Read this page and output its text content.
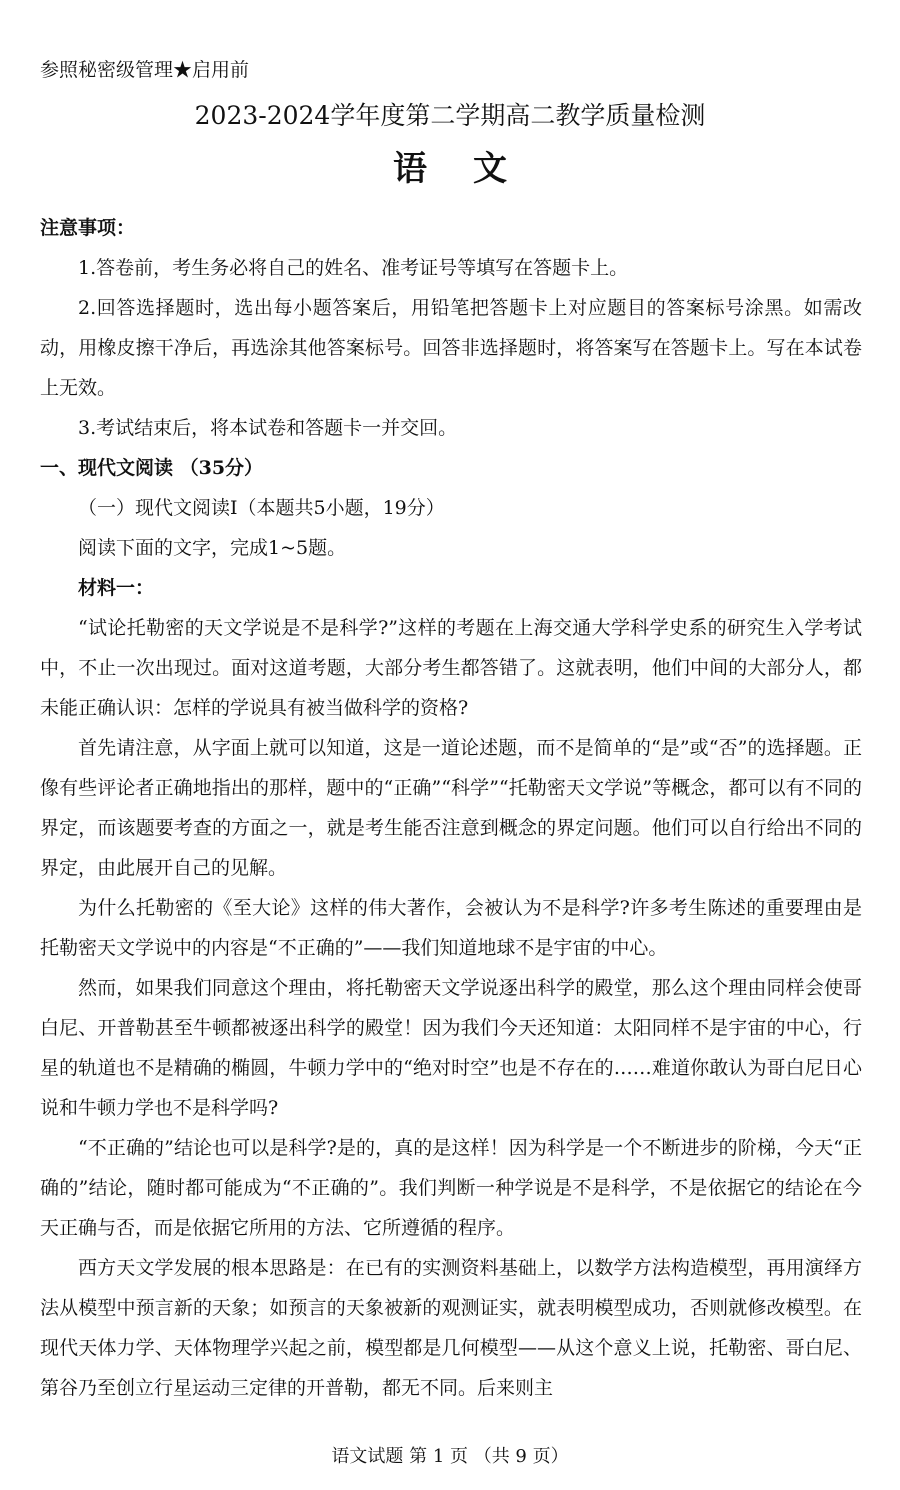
参照秘密级管理★启用前
2023-2024学年度第二学期高二教学质量检测
语文

注意事项：

1.答卷前，考生务必将自己的姓名、准考证号等填写在答题卡上。

2.回答选择题时，选出每小题答案后，用铅笔把答题卡上对应题目的答案标号涂黑。如需改动，用橡皮擦干净后，再选涂其他答案标号。回答非选择题时，将答案写在答题卡上。写在本试卷上无效。

3.考试结束后，将本试卷和答题卡一并交回。

一、现代文阅读 （35分）

（一）现代文阅读Ⅰ（本题共5小题，19分）

阅读下面的文字，完成1~5题。

材料一：

“试论托勒密的天文学说是不是科学?”这样的考题在上海交通大学科学史系的研究生入学考试中，不止一次出现过。面对这道考题，大部分考生都答错了。这就表明，他们中间的大部分人，都未能正确认识：怎样的学说具有被当做科学的资格?

首先请注意，从字面上就可以知道，这是一道论述题，而不是简单的“是”或“否”的选择题。正像有些评论者正确地指出的那样，题中的“正确”“科学”“托勒密天文学说”等概念，都可以有不同的界定，而该题要考查的方面之一，就是考生能否注意到概念的界定问题。他们可以自行给出不同的界定，由此展开自己的见解。

为什么托勒密的《至大论》这样的伟大著作，会被认为不是科学?许多考生陈述的重要理由是托勒密天文学说中的内容是“不正确的”——我们知道地球不是宇宙的中心。

然而，如果我们同意这个理由，将托勒密天文学说逐出科学的殿堂，那么这个理由同样会使哥白尼、开普勒甚至牛顿都被逐出科学的殿堂！因为我们今天还知道：太阳同样不是宇宙的中心，行星的轨道也不是精确的椭圆，牛顿力学中的“绝对时空”也是不存在的……难道你敢认为哥白尼日心说和牛顿力学也不是科学吗?

“不正确的”结论也可以是科学?是的，真的是这样！因为科学是一个不断进步的阶梯，今天“正确的”结论，随时都可能成为“不正确的”。我们判断一种学说是不是科学，不是依据它的结论在今天正确与否，而是依据它所用的方法、它所遵循的程序。

西方天文学发展的根本思路是：在已有的实测资料基础上，以数学方法构造模型，再用演绎方法从模型中预言新的天象；如预言的天象被新的观测证实，就表明模型成功，否则就修改模型。在现代天体力学、天体物理学兴起之前，模型都是几何模型——从这个意义上说，托勒密、哥白尼、第谷乃至创立行星运动三定律的开普勒，都无不同。后来则主

语文试题 第 1 页 （共 9 页）
